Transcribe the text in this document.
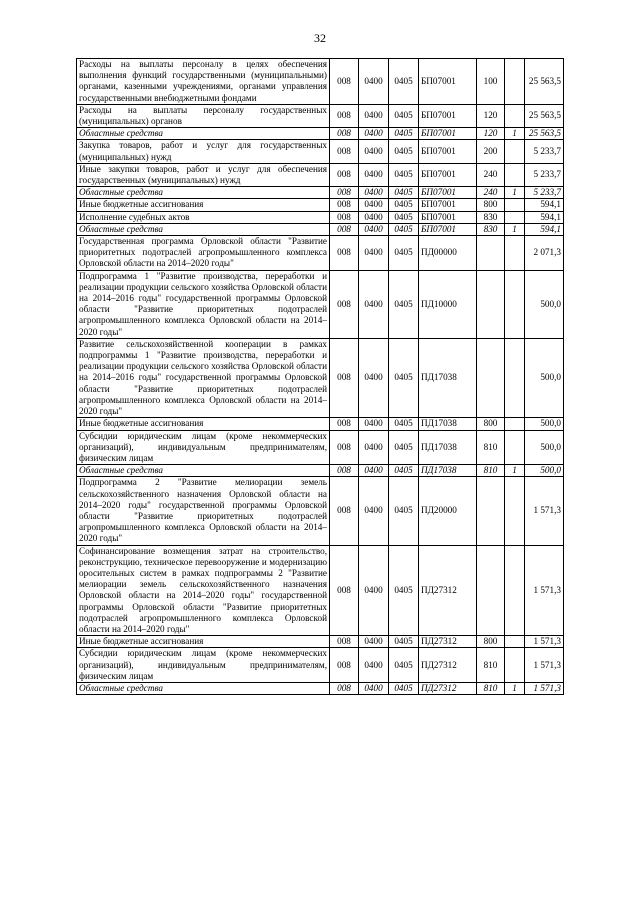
32
Расходы на выплаты персоналу в целях обеспечения выполнения функций государственными (муниципальными) органами, казенными учреждениями, органами управления государственными внебюджетными фондами	008	0400	0405	БП07001	100		25 563,5
Расходы на выплаты персоналу государственных (муниципальных) органов	008	0400	0405	БП07001	120		25 563,5
Областные средства	008	0400	0405	БП07001	120	1	25 563,5
Закупка товаров, работ и услуг для государственных (муниципальных) нужд	008	0400	0405	БП07001	200		5 233,7
Иные закупки товаров, работ и услуг для обеспечения государственных (муниципальных) нужд	008	0400	0405	БП07001	240		5 233,7
Областные средства	008	0400	0405	БП07001	240	1	5 233,7
Иные бюджетные ассигнования	008	0400	0405	БП07001	800		594,1
Исполнение судебных актов	008	0400	0405	БП07001	830		594,1
Областные средства	008	0400	0405	БП07001	830	1	594,1
Государственная программа Орловской области "Развитие приоритетных подотраслей агропромышленного комплекса Орловской области на 2014–2020 годы"	008	0400	0405	ПД00000			2 071,3
Подпрограмма 1 "Развитие производства, переработки и реализации продукции сельского хозяйства Орловской области на 2014–2016 годы" государственной программы Орловской области "Развитие приоритетных подотраслей агропромышленного комплекса Орловской области на 2014–2020 годы"	008	0400	0405	ПД10000			500,0
Развитие сельскохозяйственной кооперации в рамках подпрограммы 1 "Развитие производства, переработки и реализации продукции сельского хозяйства Орловской области на 2014–2016 годы" государственной программы Орловской области "Развитие приоритетных подотраслей агропромышленного комплекса Орловской области на 2014–2020 годы"	008	0400	0405	ПД17038			500,0
Иные бюджетные ассигнования	008	0400	0405	ПД17038	800		500,0
Субсидии юридическим лицам (кроме некоммерческих организаций), индивидуальным предпринимателям, физическим лицам	008	0400	0405	ПД17038	810		500,0
Областные средства	008	0400	0405	ПД17038	810	1	500,0
Подпрограмма 2 "Развитие мелиорации земель сельскохозяйственного назначения Орловской области на 2014–2020 годы" государственной программы Орловской области "Развитие приоритетных подотраслей агропромышленного комплекса Орловской области на 2014–2020 годы"	008	0400	0405	ПД20000			1 571,3
Софинансирование возмещения затрат на строительство, реконструкцию, техническое перевооружение и модернизацию оросительных систем в рамках подпрограммы 2 "Развитие мелиорации земель сельскохозяйственного назначения Орловской области на 2014–2020 годы" государственной программы Орловской области "Развитие приоритетных подотраслей агропромышленного комплекса Орловской области на 2014–2020 годы"	008	0400	0405	ПД27312			1 571,3
Иные бюджетные ассигнования	008	0400	0405	ПД27312	800		1 571,3
Субсидии юридическим лицам (кроме некоммерческих организаций), индивидуальным предпринимателям, физическим лицам	008	0400	0405	ПД27312	810		1 571,3
Областные средства	008	0400	0405	ПД27312	810	1	1 571,3
